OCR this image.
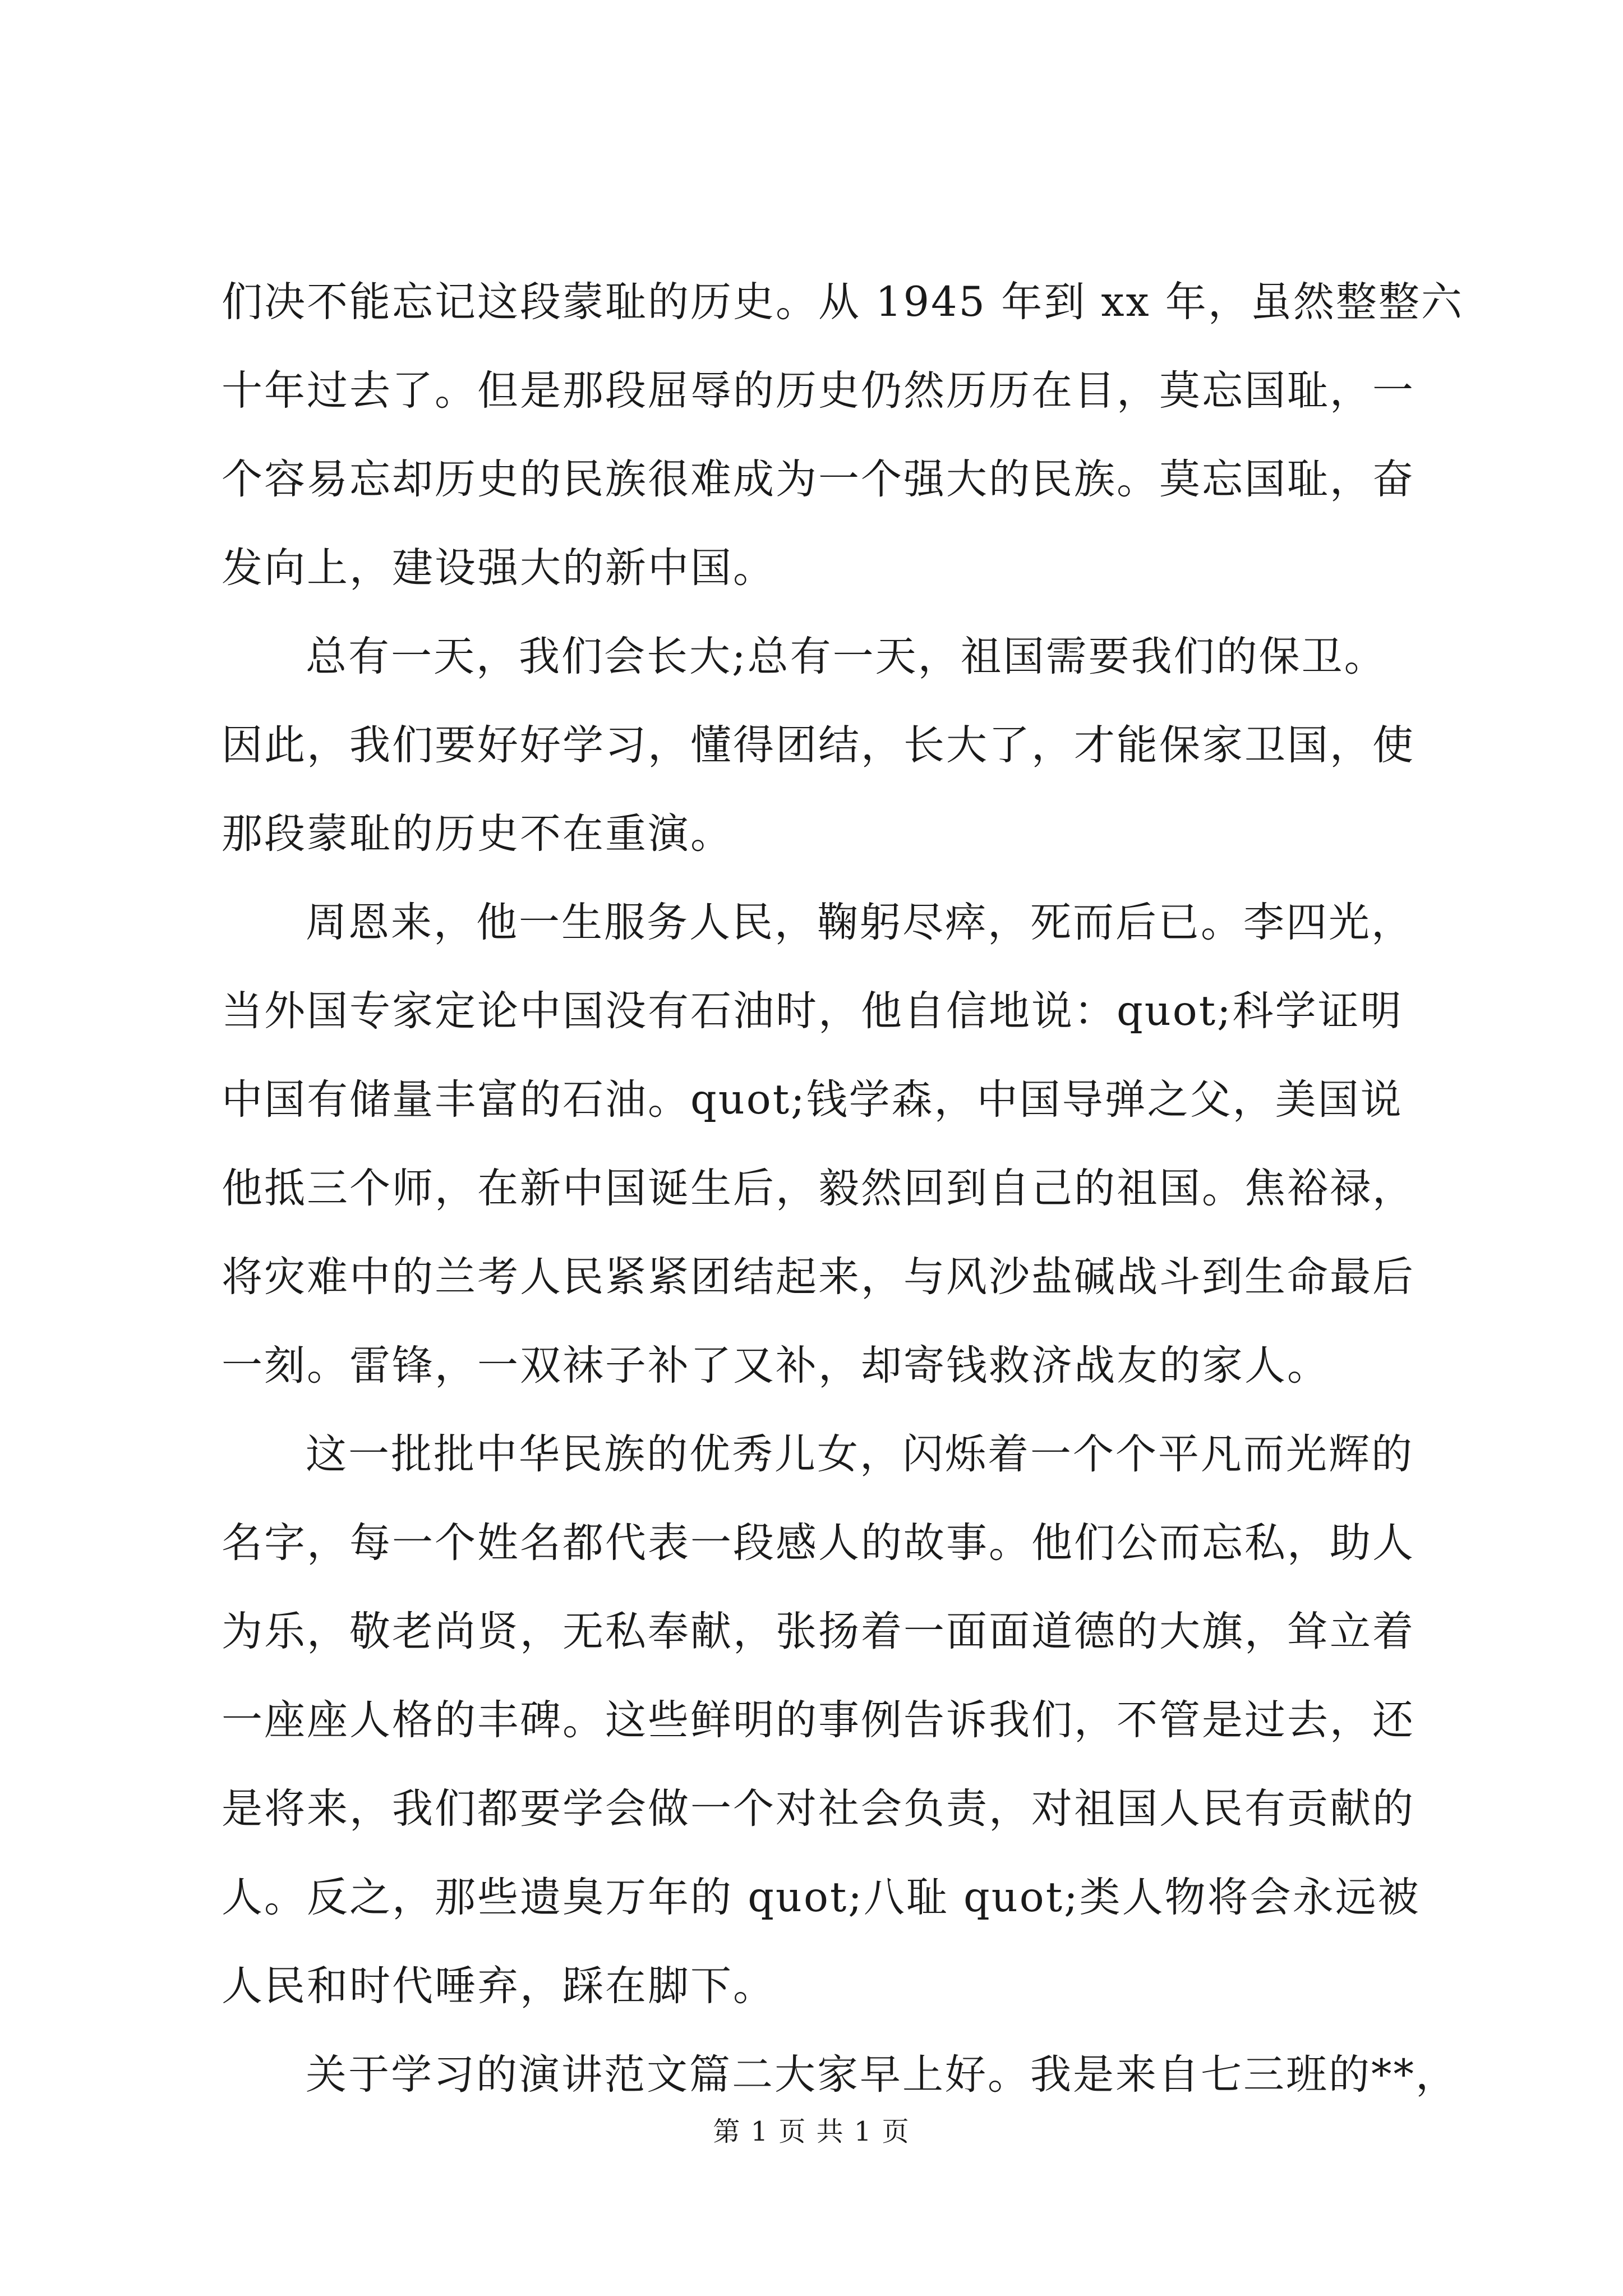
们决不能忘记这段蒙耻的历史。从 1945 年到 xx 年，虽然整整六
十年过去了。但是那段屈辱的历史仍然历历在目，莫忘国耻，一
个容易忘却历史的民族很难成为一个强大的民族。莫忘国耻，奋
发向上，建设强大的新中国。
总有一天，我们会长大;总有一天，祖国需要我们的保卫。
因此，我们要好好学习，懂得团结，长大了，才能保家卫国，使
那段蒙耻的历史不在重演。
周恩来，他一生服务人民，鞠躬尽瘁，死而后已。李四光，
当外国专家定论中国没有石油时，他自信地说：quot;科学证明
中国有储量丰富的石油。quot;钱学森，中国导弹之父，美国说
他抵三个师，在新中国诞生后，毅然回到自己的祖国。焦裕禄，
将灾难中的兰考人民紧紧团结起来，与风沙盐碱战斗到生命最后
一刻。雷锋，一双袜子补了又补，却寄钱救济战友的家人。
这一批批中华民族的优秀儿女，闪烁着一个个平凡而光辉的
名字，每一个姓名都代表一段感人的故事。他们公而忘私，助人
为乐，敬老尚贤，无私奉献，张扬着一面面道德的大旗，耸立着
一座座人格的丰碑。这些鲜明的事例告诉我们，不管是过去，还
是将来，我们都要学会做一个对社会负责，对祖国人民有贡献的
人。反之，那些遗臭万年的 quot;八耻 quot;类人物将会永远被
人民和时代唾弃，踩在脚下。
关于学习的演讲范文篇二大家早上好。我是来自七三班的**，
第 1 页 共 1 页
